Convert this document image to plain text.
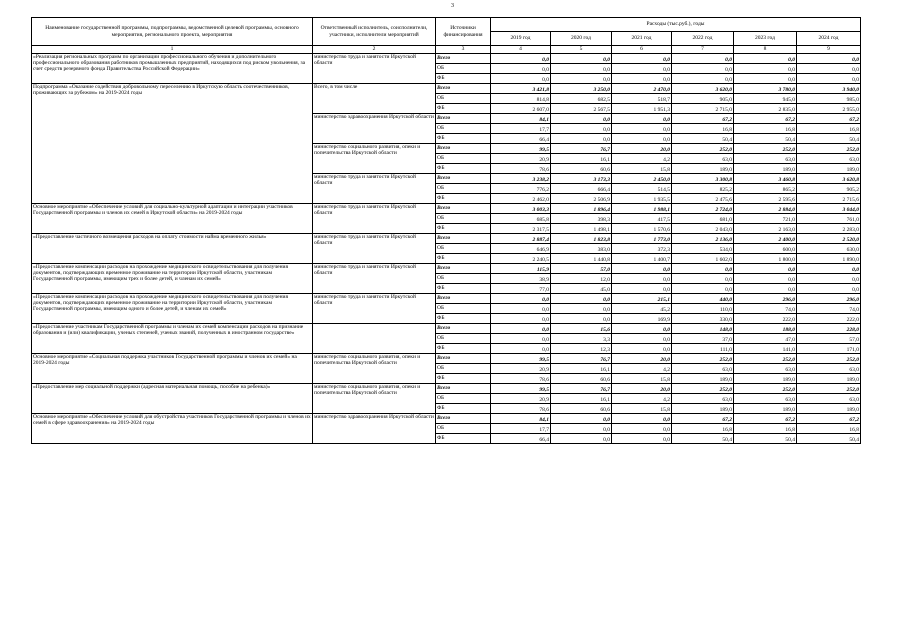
3
Наименование государственной программы, подпрограммы, ведомственной целевой программы, основного мероприятия, регионального проекта, мероприятия	Ответственный исполнитель, соисполнители, участники, исполнители мероприятий	Источники финансирования	Расходы (тыс.руб.), годы					
			2019 год	2020 год	2021 год	2022 год	2023 год	2024 год
1	2	3	4	5	6	7	8	9
«Реализация региональных программ по организации профессионального обучения и дополнительного профессионального образования работников промышленных предприятий, находящихся под риском увольнения, за счет средств резервного фонда Правительства Российской Федерации»	министерство труда и занятости Иркутской области	Всего	0,0	0,0	0,0	0,0	0,0	0,0
		ОБ	0,0	0,0	0,0	0,0	0,0	0,0
		ФБ	0,0	0,0	0,0	0,0	0,0	0,0
Подпрограмма «Оказание содействия добровольному переселению в Иркутскую область соотечественников, проживающих за рубежом» на 2019-2024 годы	Всего, в том числе	Всего	3 421,8	3 250,0	2 470,0	3 620,0	3 780,0	3 940,0
		ОБ	814,8	682,5	518,7	905,0	945,0	985,0
		ФБ	2 607,0	2 567,5	1 951,3	2 715,0	2 835,0	2 955,0
	министерство здравоохранения Иркутской области	Всего	84,1	0,0	0,0	67,2	67,2	67,2
		ОБ	17,7	0,0	0,0	16,8	16,8	16,8
		ФБ	66,4	0,0	0,0	50,4	50,4	50,4
	министерство социального развития, опеки и попечительства Иркутской области	Всего	99,5	76,7	20,0	252,0	252,0	252,0
		ОБ	20,9	16,1	4,2	63,0	63,0	63,0
		ФБ	78,6	60,6	15,8	189,0	189,0	189,0
	министерство труда и занятости Иркутской области	Всего	3 238,2	3 173,3	2 450,0	3 300,8	3 460,8	3 620,8
		ОБ	776,2	666,4	514,5	825,2	865,2	905,2
		ФБ	2 462,0	2 506,9	1 935,5	2 475,6	2 595,6	2 715,6
Основное мероприятие «Обеспечение условий для социально-культурной адаптации и интеграции участников Государственной программы и членов их семей в Иркутской области» на 2019-2024 годы	министерство труда и занятости Иркутской области	Всего	3 003,3	1 896,4	1 988,1	2 724,0	2 884,0	3 044,0
		ОБ	685,8	398,3	417,5	681,0	721,0	761,0
		ФБ	2 317,5	1 498,1	1 570,6	2 043,0	2 163,0	2 283,0
«Предоставление частичного возмещения расходов на оплату стоимости найма временного жилья»	министерство труда и занятости Иркутской области	Всего	2 887,4	1 823,8	1 773,0	2 136,0	2 400,0	2 520,0
		ОБ	646,9	383,0	372,3	534,0	600,0	630,0
		ФБ	2 240,5	1 440,8	1 400,7	1 602,0	1 800,0	1 890,0
«Предоставление компенсации расходов на прохождение медицинского освидетельствования для получения документов, подтверждающих временное проживание на территории Иркутской области, участникам Государственной программы, имеющим трех и более детей, и членам их семей»	министерство труда и занятости Иркутской области	Всего	115,9	57,0	0,0	0,0	0,0	0,0
		ОБ	38,9	12,0	0,0	0,0	0,0	0,0
		ФБ	77,0	45,0	0,0	0,0	0,0	0,0
«Предоставление компенсации расходов на прохождение медицинского освидетельствования для получения документов, подтверждающих временное проживание на территории Иркутской области, участникам Государственной программы, имеющим одного и более детей, и членам их семей»	министерство труда и занятости Иркутской области	Всего	0,0	0,0	215,1	440,0	296,0	296,0
		ОБ	0,0	0,0	45,2	110,0	74,0	74,0
		ФБ	0,0	0,0	169,9	330,0	222,0	222,0
«Предоставление участникам Государственной программы и членам их семей компенсации расходов на признание образования и (или) квалификации, ученых степеней, ученых званий, полученных в иностранном государстве»		Всего	0,0	15,6	0,0	148,0	188,0	228,0
		ОБ	0,0	3,3	0,0	37,0	47,0	57,0
		ФБ	0,0	12,3	0,0	111,0	141,0	171,0
Основное мероприятие «Социальная поддержка участников Государственной программы и членов их семей» на 2019-2024 годы	министерство социального развития, опеки и попечительства Иркутской области	Всего	99,5	76,7	20,0	252,0	252,0	252,0
		ОБ	20,9	16,1	4,2	63,0	63,0	63,0
		ФБ	78,6	60,6	15,8	189,0	189,0	189,0
«Предоставление мер социальной поддержки (адресная материальная помощь, пособие на ребенка)»	министерство социального развития, опеки и попечительства Иркутской области	Всего	99,5	76,7	20,0	252,0	252,0	252,0
		ОБ	20,9	16,1	4,2	63,0	63,0	63,0
		ФБ	78,6	60,6	15,8	189,0	189,0	189,0
Основное мероприятие «Обеспечение условий для обустройства участников Государственной программы и членов их семей в сфере здравоохранения» на 2019-2024 годы	министерство здравоохранения Иркутской области	Всего	84,1	0,0	0,0	67,2	67,2	67,2
		ОБ	17,7	0,0	0,0	16,8	16,8	16,8
		ФБ	66,4	0,0	0,0	50,4	50,4	50,4
